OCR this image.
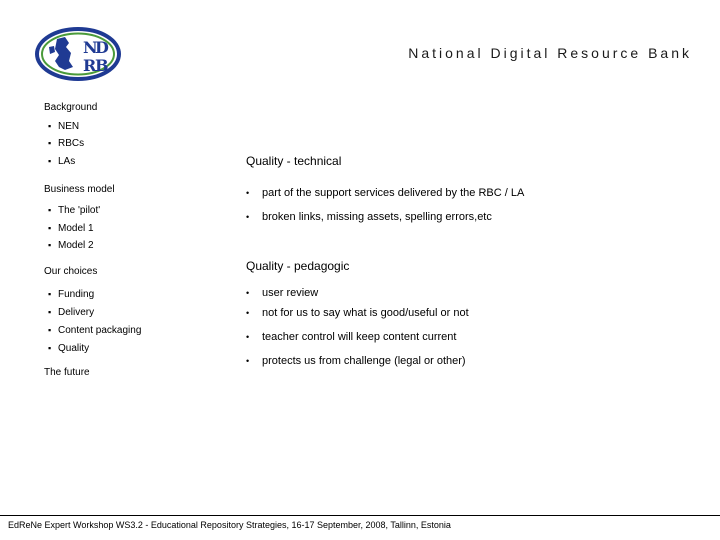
N
D
R
B
National Digital Resource Bank
Background
▪ NEN
▪ RBCs
▪ LAs
Business model
▪ The 'pilot'
▪ Model 1
▪ Model 2
Our choices
▪ Funding
▪ Delivery
▪ Content packaging
▪ Quality
The future
Quality - technical
• part of the support services delivered by the RBC / LA
• broken links, missing assets, spelling errors,etc
Quality - pedagogic
• user review
• not for us to say what is good/useful or not
• teacher control will keep content current
• protects us from challenge (legal or other)
EdReNe Expert Workshop WS3.2 - Educational Repository Strategies, 16-17 September, 2008, Tallinn, Estonia
